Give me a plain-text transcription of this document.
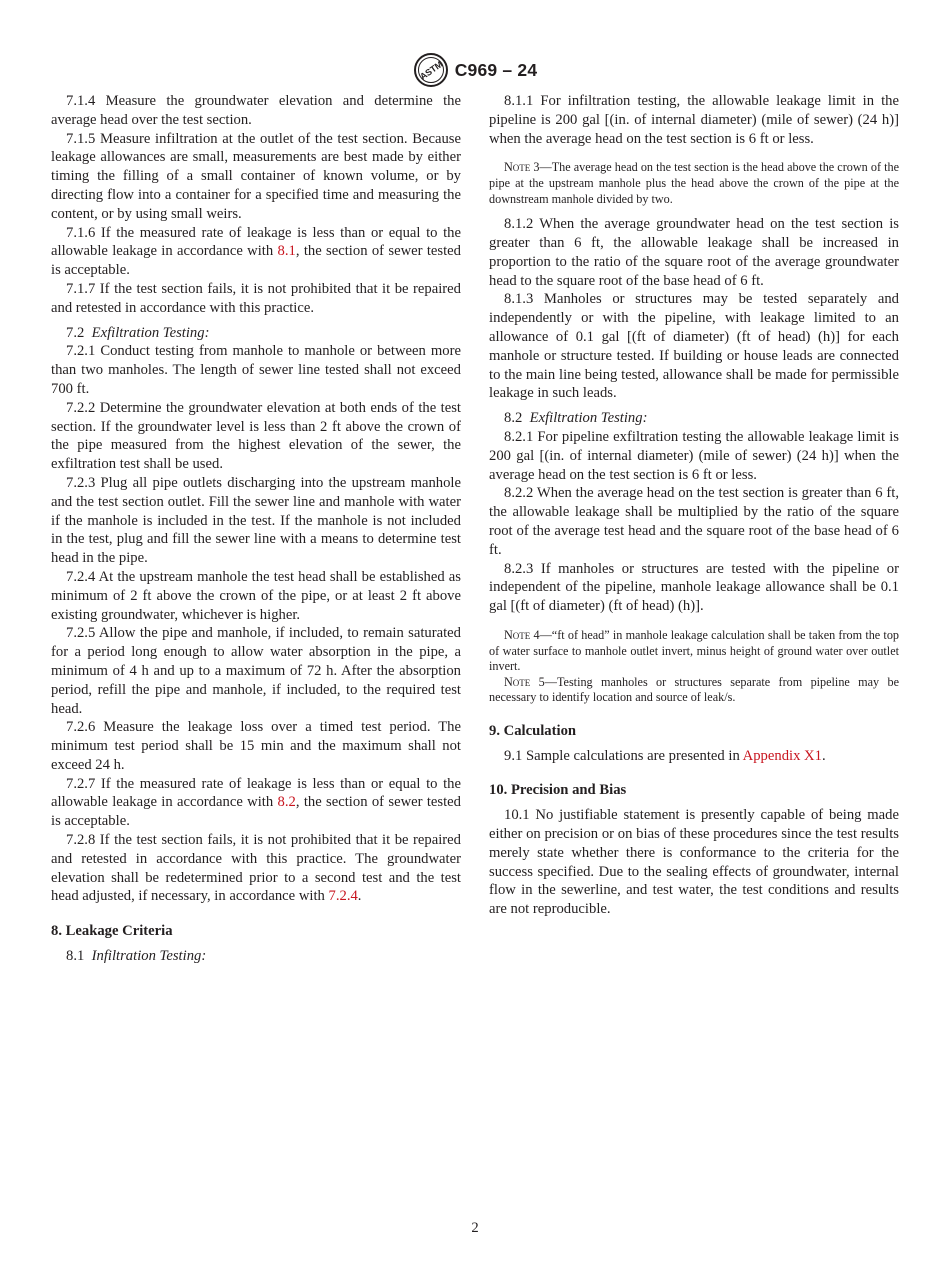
ASTM C969 – 24

7.1.4 Measure the groundwater elevation and determine the average head over the test section.

7.1.5 Measure infiltration at the outlet of the test section. Because leakage allowances are small, measurements are best made by either timing the filling of a small container of known volume, or by directing flow into a container for a specified time and measuring the content, or by using small weirs.

7.1.6 If the measured rate of leakage is less than or equal to the allowable leakage in accordance with 8.1, the section of sewer tested is acceptable.

7.1.7 If the test section fails, it is not prohibited that it be repaired and retested in accordance with this practice.

7.2 Exfiltration Testing:

7.2.1 Conduct testing from manhole to manhole or between more than two manholes. The length of sewer line tested shall not exceed 700 ft.

7.2.2 Determine the groundwater elevation at both ends of the test section. If the groundwater level is less than 2 ft above the crown of the pipe measured from the highest elevation of the sewer, the exfiltration test shall be used.

7.2.3 Plug all pipe outlets discharging into the upstream manhole and the test section outlet. Fill the sewer line and manhole with water if the manhole is included in the test. If the manhole is not included in the test, plug and fill the sewer line with a means to determine test head in the pipe.

7.2.4 At the upstream manhole the test head shall be established as minimum of 2 ft above the crown of the pipe, or at least 2 ft above existing groundwater, whichever is higher.

7.2.5 Allow the pipe and manhole, if included, to remain saturated for a period long enough to allow water absorption in the pipe, a minimum of 4 h and up to a maximum of 72 h. After the absorption period, refill the pipe and manhole, if included, to the required test head.

7.2.6 Measure the leakage loss over a timed test period. The minimum test period shall be 15 min and the maximum shall not exceed 24 h.

7.2.7 If the measured rate of leakage is less than or equal to the allowable leakage in accordance with 8.2, the section of sewer tested is acceptable.

7.2.8 If the test section fails, it is not prohibited that it be repaired and retested in accordance with this practice. The groundwater elevation shall be redetermined prior to a second test and the test head adjusted, if necessary, in accordance with 7.2.4.

8. Leakage Criteria

8.1 Infiltration Testing:

8.1.1 For infiltration testing, the allowable leakage limit in the pipeline is 200 gal [(in. of internal diameter) (mile of sewer) (24 h)] when the average head on the test section is 6 ft or less.

Note 3—The average head on the test section is the head above the crown of the pipe at the upstream manhole plus the head above the crown of the pipe at the downstream manhole divided by two.

8.1.2 When the average groundwater head on the test section is greater than 6 ft, the allowable leakage shall be increased in proportion to the ratio of the square root of the average groundwater head to the square root of the base head of 6 ft.

8.1.3 Manholes or structures may be tested separately and independently or with the pipeline, with leakage limited to an allowance of 0.1 gal [(ft of diameter) (ft of head) (h)] for each manhole or structure tested. If building or house leads are connected to the main line being tested, allowance shall be made for permissible leakage in such leads.

8.2 Exfiltration Testing:

8.2.1 For pipeline exfiltration testing the allowable leakage limit is 200 gal [(in. of internal diameter) (mile of sewer) (24 h)] when the average head on the test section is 6 ft or less.

8.2.2 When the average head on the test section is greater than 6 ft, the allowable leakage shall be multiplied by the ratio of the square root of the average test head and the square root of the base head of 6 ft.

8.2.3 If manholes or structures are tested with the pipeline or independent of the pipeline, manhole leakage allowance shall be 0.1 gal [(ft of diameter) (ft of head) (h)].

Note 4—“ft of head” in manhole leakage calculation shall be taken from the top of water surface to manhole outlet invert, minus height of ground water over outlet invert.

Note 5—Testing manholes or structures separate from pipeline may be necessary to identify location and source of leak/s.

9. Calculation

9.1 Sample calculations are presented in Appendix X1.

10. Precision and Bias

10.1 No justifiable statement is presently capable of being made either on precision or on bias of these procedures since the test results merely state whether there is conformance to the criteria for the success specified. Due to the sealing effects of groundwater, internal flow in the sewerline, and test water, the test conditions and results are not reproducible.

2
